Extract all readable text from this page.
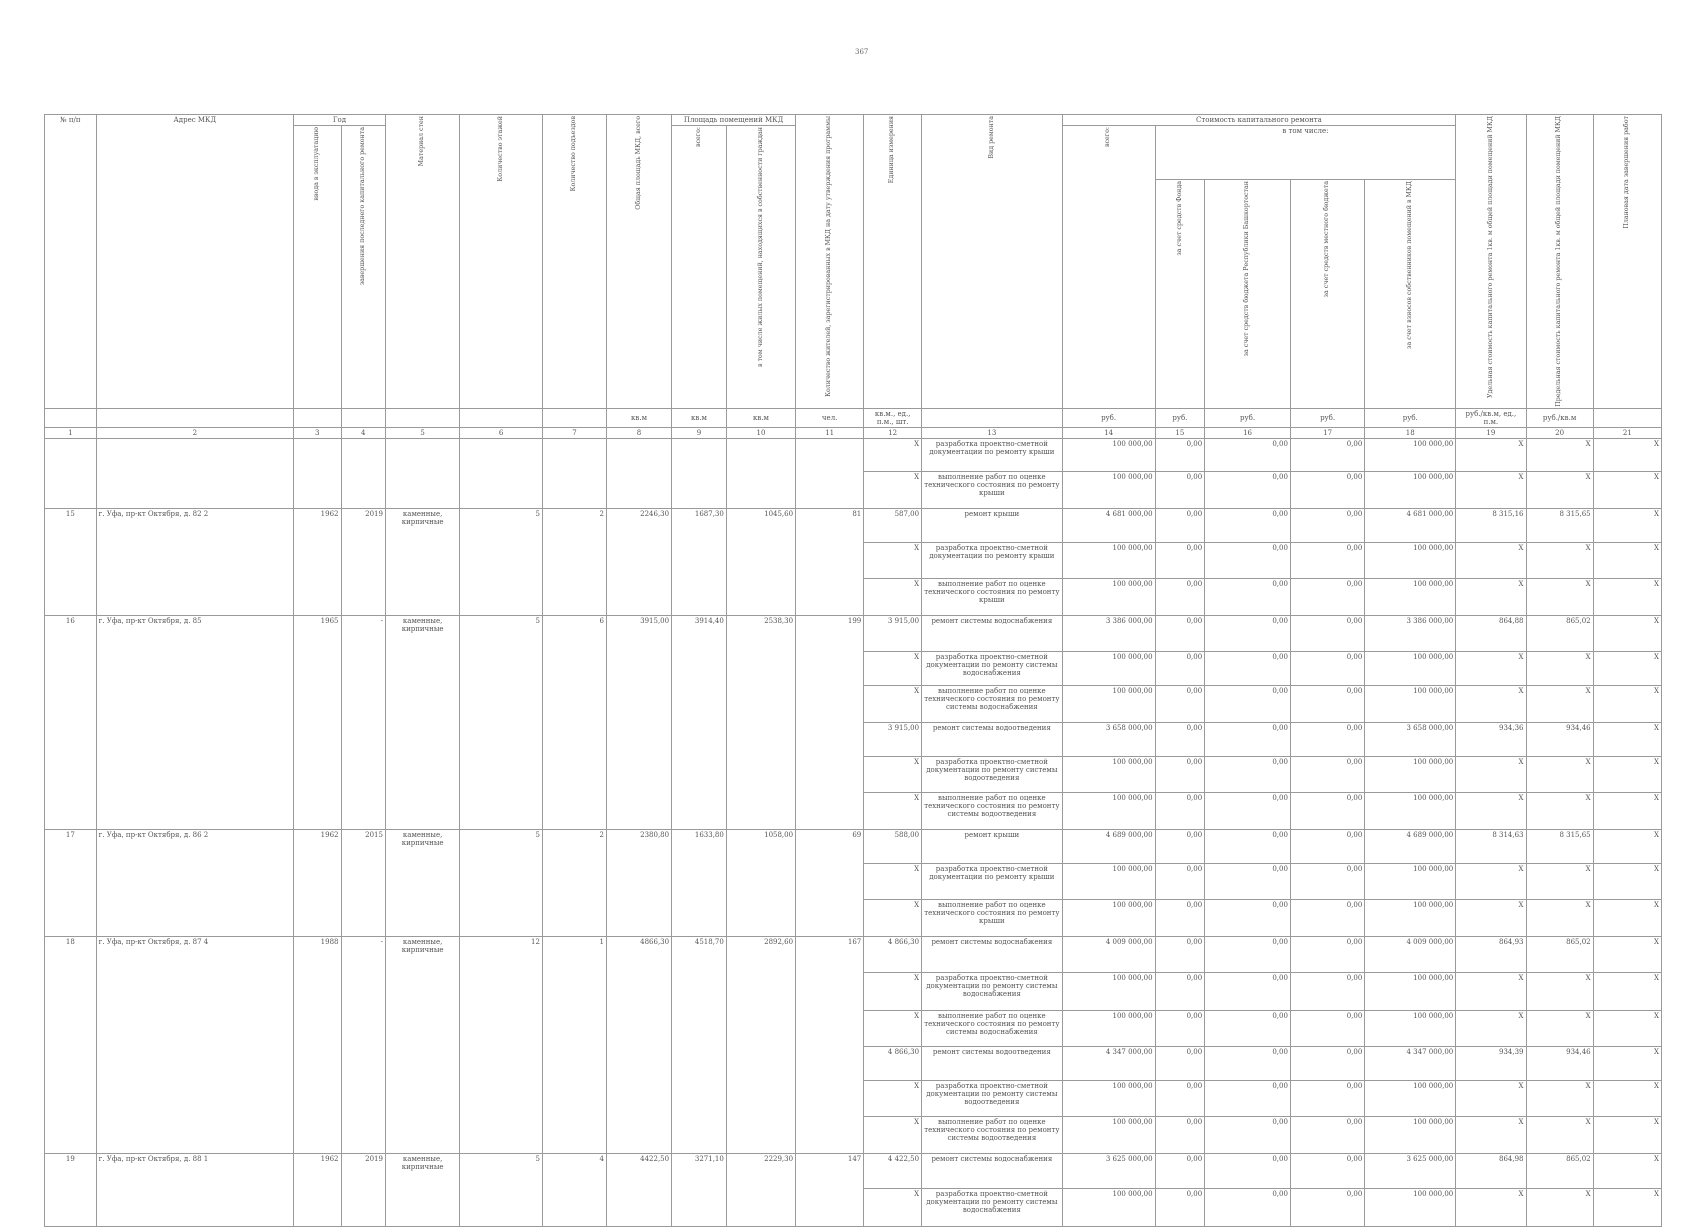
367
№ п/п	Адрес МКД	Год		Материал стен	Количество этажей	Количество подъездов	Общая площадь МКД, всего	Площадь помещений МКД		Количество жителей, зарегистрированных в МКД на дату утверждения программы	Единица измерения	Вид ремонта	Стоимость капитального ремонта					Удельная стоимость капитального ремонта 1кв. м общей площади помещений МКД	Предельная стоимость капитального ремонта 1кв. м общей площади помещений МКД	Плановая дата завершения работ

		ввода в эксплуатацию	завершения последнего капитального ремонта					всего:	в том числе жилых помещений, находящихся в собственности граждан				всего:	в том числе:						

														за счет средств Фонда	за счет средств бюджета Республики Башкортостан	за счет средств местного бюджета	за счет взносов собственников помещений в МКД			

							кв.м	кв.м	кв.м	чел.	кв.м., ед., п.м., шт.		руб.	руб.	руб.	руб.	руб.	руб./кв.м, ед., п.м.	руб./кв.м	
1	2	3	4	5	6	7	8	9	10	11	12	13	14	15	16	17	18	19	20	21
											X	разработка проектно-сметной документации по ремонту крыши	100 000,00	0,00	0,00	0,00	100 000,00	X	X	X
											X	выполнение работ по оценке технического состояния по ремонту крыши	100 000,00	0,00	0,00	0,00	100 000,00	X	X	X
15	г. Уфа, пр-кт Октября, д. 82 2	1962	2019	каменные, кирпичные	5	2	2246,30	1687,30	1045,60	81	587,00	ремонт крыши	4 681 000,00	0,00	0,00	0,00	4 681 000,00	8 315,16	8 315,65	X
											X	разработка проектно-сметной документации по ремонту крыши	100 000,00	0,00	0,00	0,00	100 000,00	X	X	X
											X	выполнение работ по оценке технического состояния по ремонту крыши	100 000,00	0,00	0,00	0,00	100 000,00	X	X	X
16	г. Уфа, пр-кт Октября, д. 85	1965	-	каменные, кирпичные	5	6	3915,00	3914,40	2538,30	199	3 915,00	ремонт системы водоснабжения	3 386 000,00	0,00	0,00	0,00	3 386 000,00	864,88	865,02	X
											X	разработка проектно-сметной документации по ремонту системы водоснабжения	100 000,00	0,00	0,00	0,00	100 000,00	X	X	X
											X	выполнение работ по оценке технического состояния по ремонту системы водоснабжения	100 000,00	0,00	0,00	0,00	100 000,00	X	X	X
											3 915,00	ремонт системы водоотведения	3 658 000,00	0,00	0,00	0,00	3 658 000,00	934,36	934,46	X
											X	разработка проектно-сметной документации по ремонту системы водоотведения	100 000,00	0,00	0,00	0,00	100 000,00	X	X	X
											X	выполнение работ по оценке технического состояния по ремонту системы водоотведения	100 000,00	0,00	0,00	0,00	100 000,00	X	X	X
17	г. Уфа, пр-кт Октября, д. 86 2	1962	2015	каменные, кирпичные	5	2	2380,80	1633,80	1058,00	69	588,00	ремонт крыши	4 689 000,00	0,00	0,00	0,00	4 689 000,00	8 314,63	8 315,65	X
											X	разработка проектно-сметной документации по ремонту крыши	100 000,00	0,00	0,00	0,00	100 000,00	X	X	X
											X	выполнение работ по оценке технического состояния по ремонту крыши	100 000,00	0,00	0,00	0,00	100 000,00	X	X	X
18	г. Уфа, пр-кт Октября, д. 87 4	1988	-	каменные, кирпичные	12	1	4866,30	4518,70	2892,60	167	4 866,30	ремонт системы водоснабжения	4 009 000,00	0,00	0,00	0,00	4 009 000,00	864,93	865,02	X
											X	разработка проектно-сметной документации по ремонту системы водоснабжения	100 000,00	0,00	0,00	0,00	100 000,00	X	X	X
											X	выполнение работ по оценке технического состояния по ремонту системы водоснабжения	100 000,00	0,00	0,00	0,00	100 000,00	X	X	X
											4 866,30	ремонт системы водоотведения	4 347 000,00	0,00	0,00	0,00	4 347 000,00	934,39	934,46	X
											X	разработка проектно-сметной документации по ремонту системы водоотведения	100 000,00	0,00	0,00	0,00	100 000,00	X	X	X
											X	выполнение работ по оценке технического состояния по ремонту системы водоотведения	100 000,00	0,00	0,00	0,00	100 000,00	X	X	X
19	г. Уфа, пр-кт Октября, д. 88 1	1962	2019	каменные, кирпичные	5	4	4422,50	3271,10	2229,30	147	4 422,50	ремонт системы водоснабжения	3 625 000,00	0,00	0,00	0,00	3 625 000,00	864,98	865,02	X
											X	разработка проектно-сметной документации по ремонту системы водоснабжения	100 000,00	0,00	0,00	0,00	100 000,00	X	X	X
